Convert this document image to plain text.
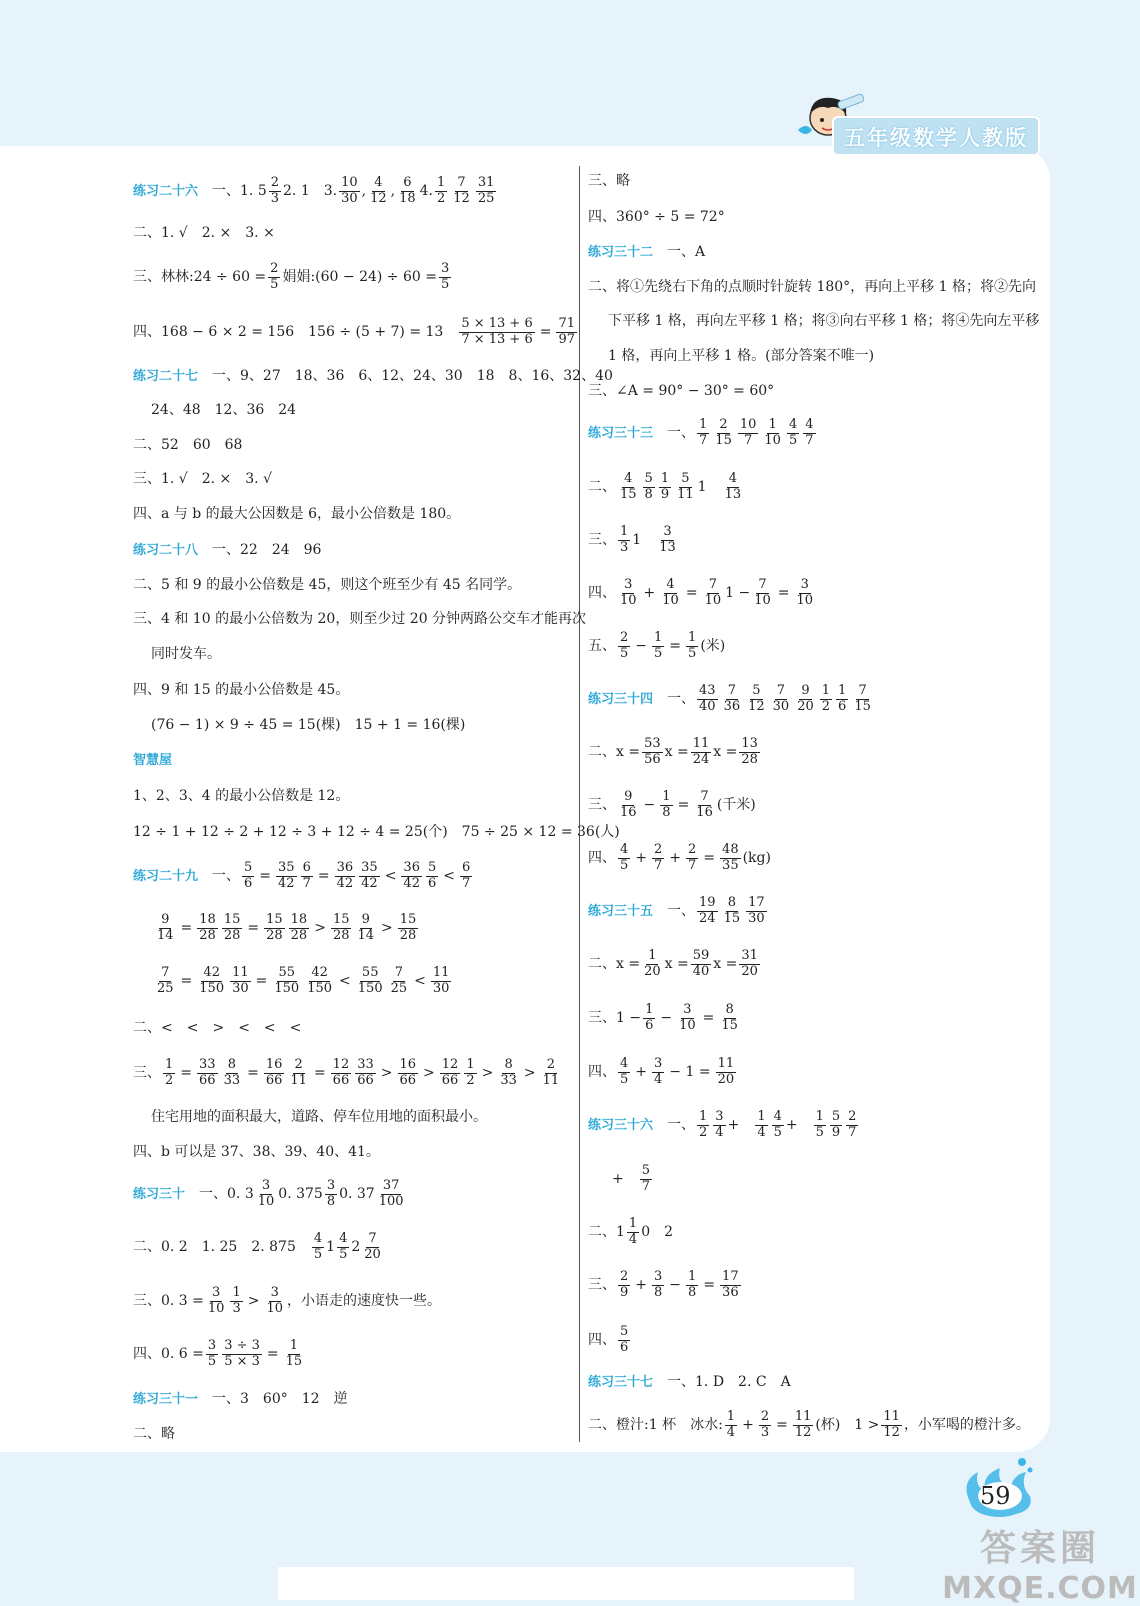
五年级数学人教版
练习二十六 一、1. $5 \frac{2}{3} 2$. 1 3. $\frac{10}{30}$ , $\frac{4}{12}$ , $\frac{6}{18} 4$. $\frac{1}{2} \frac{7}{12} \frac{31}{25}$
二、1. √　2. ×　3. ×
三、林林:24 ÷ $60 = \frac{2}{5}$ 娟娟:(60 − $24) \div 60 = \frac{3}{5}$
四、168 − 6 × 2 = 156　$156 \div (5 + 7) = 13 \frac{5 \times 13 + 6}{7 \times 13 + 6} = \frac{71}{97}$
练习二十七 一、9、27　18、36　6、12、24、30　18　8、16、32、40
24、48　12、36　24
二、52　60　68
三、1. √　2. ×　3. √
四、a 与 b 的最大公因数是 6，最小公倍数是 180。
练习二十八 一、22　24　96
二、5 和 9 的最小公倍数是 45，则这个班至少有 45 名同学。
三、4 和 10 的最小公倍数为 20，则至少过 20 分钟两路公交车才能再次
同时发车。
四、9 和 15 的最小公倍数是 45。
(76 − 1) × 9 ÷ 45 = 15(棵)　15 + 1 = 16(棵)
智慧屋
1、2、3、4 的最小公倍数是 12。
12 ÷ 1 + 12 ÷ 2 + 12 ÷ 3 + 12 ÷ 4 = 25(个)　75 ÷ 25 × 12 = 36(人)
练习二十九 一、 $\frac{5}{6} = \frac{35}{42} \frac{6}{7} = \frac{36}{42} \frac{35}{42} < \frac{36}{42} \frac{5}{6} < \frac{6}{7}$
$\frac{9}{14} = \frac{18}{28} \frac{15}{28} = \frac{15}{28} \frac{18}{28} > \frac{15}{28} \frac{9}{14} > \frac{15}{28}$
$\frac{7}{25} = \frac{42}{150} \frac{11}{30} = \frac{55}{150} \frac{42}{150} < \frac{55}{150} \frac{7}{25} < \frac{11}{30}$
二、<　<　>　<　<　<
三、 $\frac{1}{2} = \frac{33}{66} \frac{8}{33} = \frac{16}{66} \frac{2}{11} = \frac{12}{66} \frac{33}{66} > \frac{16}{66} > \frac{12}{66} \frac{1}{2} > \frac{8}{33} > \frac{2}{11}$
住宅用地的面积最大，道路、停车位用地的面积最小。
四、b 可以是 37、38、39、40、41。
练习三十 一、0. $3 \frac{3}{10} 0$. $375 \frac{3}{8} 0$. $37 \frac{37}{100}$
二、0. 2　1. 25　2. $875 \frac{4}{5} 1 \frac{4}{5} 2 \frac{7}{20}$
三、0. $3 = \frac{3}{10} \frac{1}{3} > \frac{3}{10}$ ，小语走的速度快一些。
四、0. $6 = \frac{3}{5} \frac{3 \div 3}{5 \times 3} = \frac{1}{15}$
练习三十一 一、3　60°　12　逆
二、略
三、略
四、360° ÷ 5 = 72°
练习三十二 一、A
二、将①先绕右下角的点顺时针旋转 180°，再向上平移 1 格；将②先向
下平移 1 格，再向左平移 1 格；将③向右平移 1 格；将④先向左平移
1 格，再向上平移 1 格。(部分答案不唯一)
三、∠A = 90° − 30° = 60°
练习三十三 一、 $\frac{1}{7} \frac{2}{15} \frac{10}{7} \frac{1}{10} \frac{4}{5} \frac{4}{7}$
二、 $\frac{4}{15} \frac{5}{8} \frac{1}{9} \frac{5}{11} 1 \frac{4}{13}$
三、 $\frac{1}{3} 1 \frac{3}{13}$
四、 $\frac{3}{10} + \frac{4}{10} = \frac{7}{10} 1 - \frac{7}{10} = \frac{3}{10}$
五、 $\frac{2}{5} - \frac{1}{5} = \frac{1}{5}$ (米)
练习三十四 一、 $\frac{43}{40} \frac{7}{36} \frac{5}{12} \frac{7}{30} \frac{9}{20} \frac{1}{2} \frac{1}{6} \frac{7}{15}$
二、$x = \frac{53}{56}$ $x = \frac{11}{24}$ $x = \frac{13}{28}$
三、 $\frac{9}{16} - \frac{1}{8} = \frac{7}{16}$ (千米)
四、 $\frac{4}{5} + \frac{2}{7} + \frac{2}{7} = \frac{48}{35} (kg)$
练习三十五 一、 $\frac{19}{24} \frac{8}{15} \frac{17}{30}$
二、$x = \frac{1}{20}$ $x = \frac{59}{40}$ $x = \frac{31}{20}$
三、$1 - \frac{1}{6} - \frac{3}{10} = \frac{8}{15}$
四、 $\frac{4}{5} + \frac{3}{4} - 1 = \frac{11}{20}$
练习三十六 一、 $\frac{1}{2} \frac{3}{4} + \frac{1}{4} \frac{4}{5} + \frac{1}{5} \frac{5}{9} \frac{2}{7}$
+ $\frac{5}{7}$
二、$1 \frac{1}{4} 0$　2
三、 $\frac{2}{9} + \frac{3}{8} - \frac{1}{8} = \frac{17}{36}$
四、 $\frac{5}{6}$
练习三十七 一、1. D　2. C　A
二、橙汁:1 杯　冰水: $\frac{1}{4} + \frac{2}{3} = \frac{11}{12}$ (杯)　$1 > \frac{11}{12}$ ，小军喝的橙汁多。
59
答案圈
MXQE.COM
